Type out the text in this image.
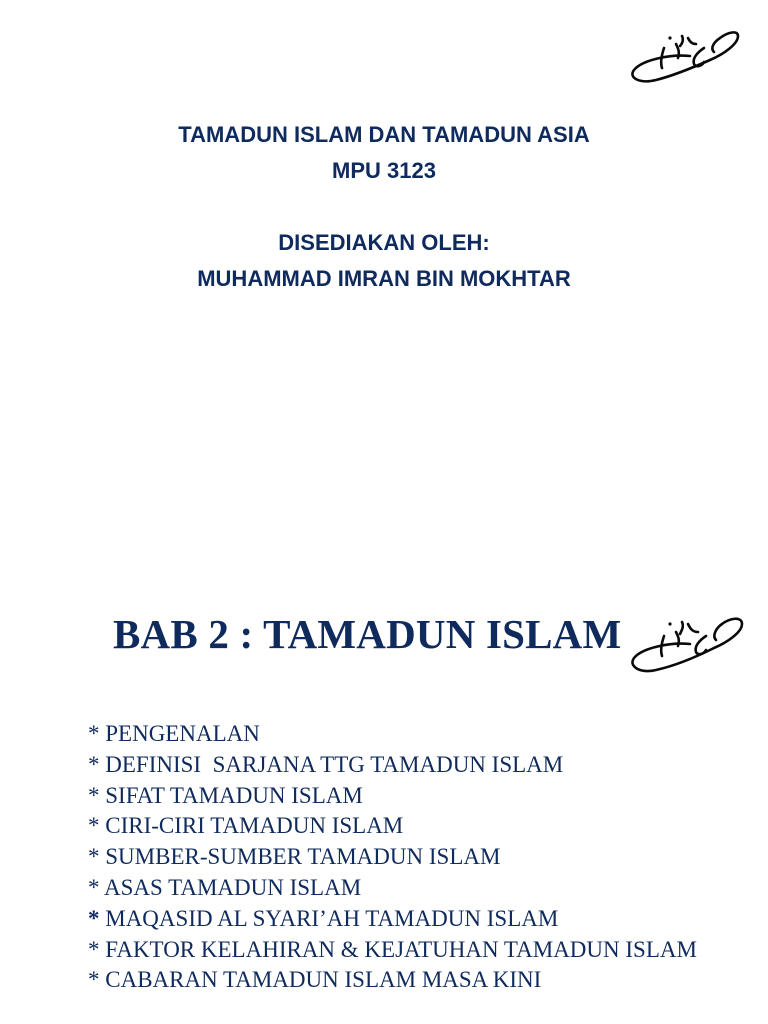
TAMADUN ISLAM DAN TAMADUN ASIA
MPU 3123
DISEDIAKAN OLEH:
MUHAMMAD IMRAN BIN MOKHTAR
BAB 2 : TAMADUN ISLAM
* PENGENALAN
* DEFINISI  SARJANA TTG TAMADUN ISLAM
* SIFAT TAMADUN ISLAM
* CIRI-CIRI TAMADUN ISLAM
* SUMBER-SUMBER TAMADUN ISLAM
* ASAS TAMADUN ISLAM
* MAQASID AL SYARI’AH TAMADUN ISLAM
* FAKTOR KELAHIRAN & KEJATUHAN TAMADUN ISLAM
* CABARAN TAMADUN ISLAM MASA KINI
